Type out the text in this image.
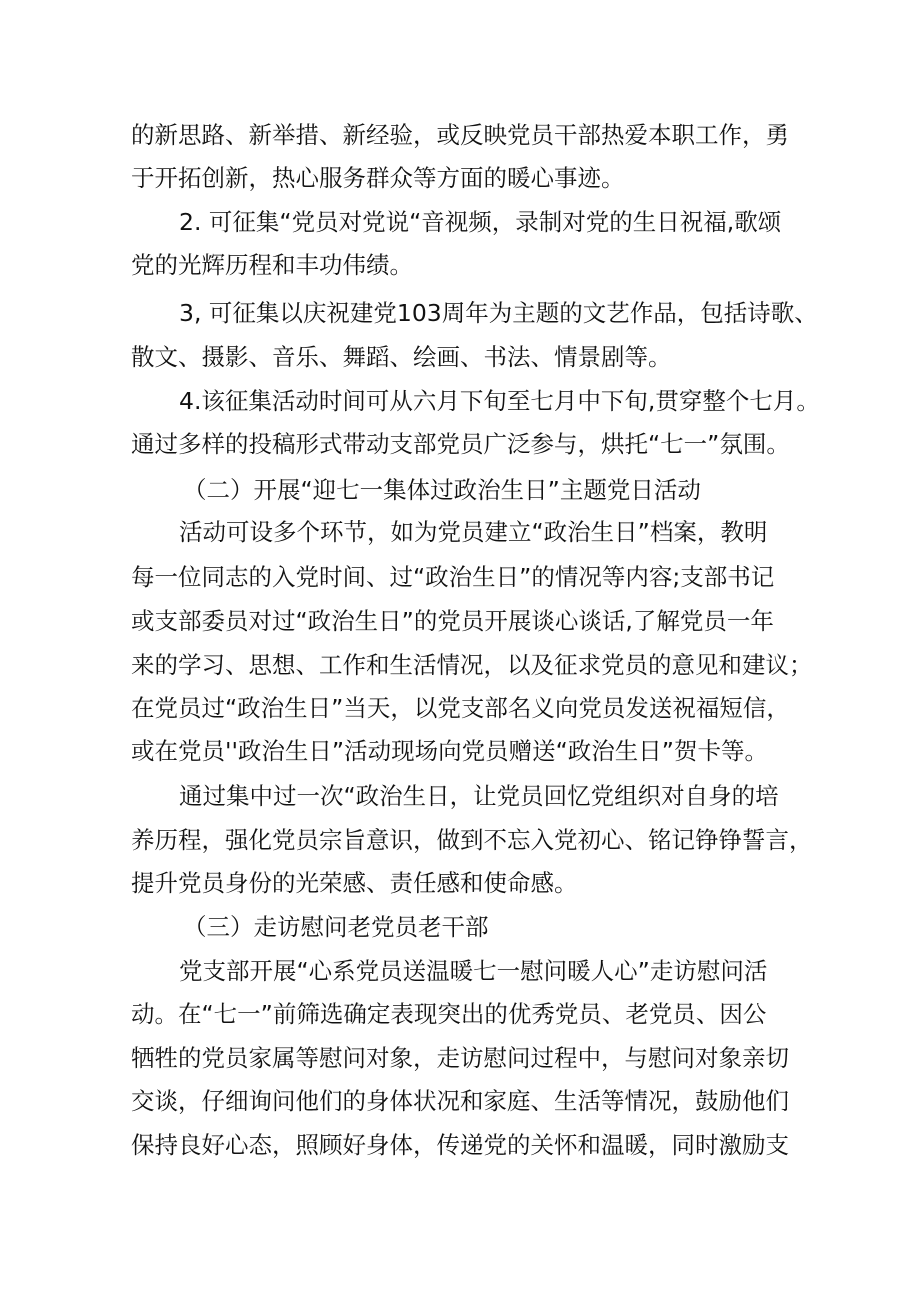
的新思路、新举措、新经验，或反映党员干部热爱本职工作，勇
于开拓创新，热心服务群众等方面的暖心事迹。
2. 可征集“党员对党说“音视频，录制对党的生日祝福,歌颂
党的光辉历程和丰功伟绩。
3, 可征集以庆祝建党103周年为主题的文艺作品，包括诗歌、
散文、摄影、音乐、舞蹈、绘画、书法、情景剧等。
4.该征集活动时间可从六月下旬至七月中下旬,贯穿整个七月。
通过多样的投稿形式带动支部党员广泛参与，烘托“七一”氛围。
（二）开展“迎七一集体过政治生日”主题党日活动
活动可设多个环节，如为党员建立“政治生日”档案，教明
每一位同志的入党时间、过“政治生日”的情况等内容;支部书记
或支部委员对过“政治生日”的党员开展谈心谈话,了解党员一年
来的学习、思想、工作和生活情况，以及征求党员的意见和建议；
在党员过“政治生日”当天，以党支部名义向党员发送祝福短信，
或在党员''政治生日”活动现场向党员赠送“政治生日”贺卡等。
通过集中过一次“政治生日，让党员回忆党组织对自身的培
养历程，强化党员宗旨意识，做到不忘入党初心、铭记铮铮誓言，
提升党员身份的光荣感、责任感和使命感。
（三）走访慰问老党员老干部
党支部开展“心系党员送温暖七一慰问暖人心”走访慰问活
动。在“七一”前筛选确定表现突出的优秀党员、老党员、因公
牺牲的党员家属等慰问对象，走访慰问过程中，与慰问对象亲切
交谈，仔细询问他们的身体状况和家庭、生活等情况，鼓励他们
保持良好心态，照顾好身体，传递党的关怀和温暖，同时激励支
